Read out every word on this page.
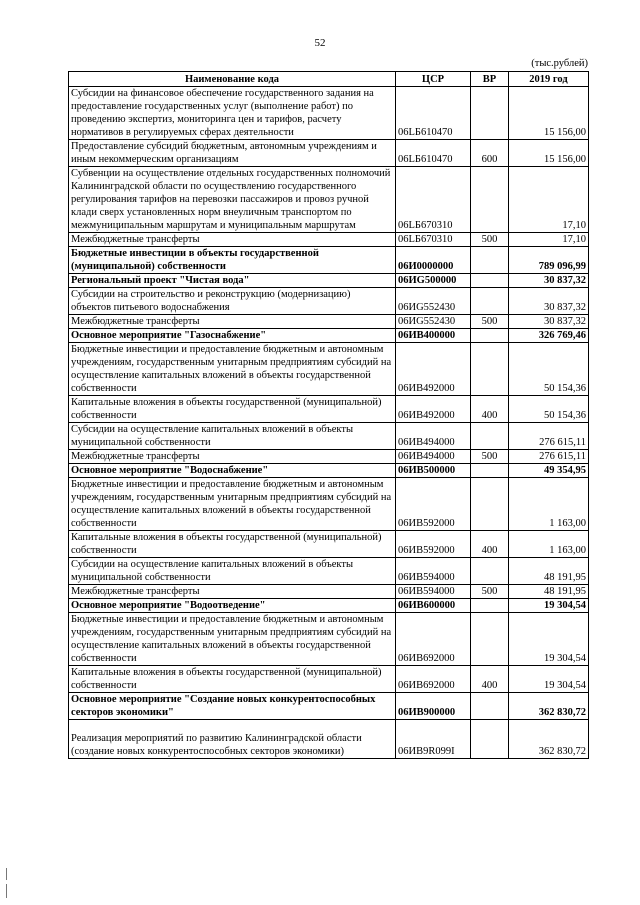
52
(тыс.рублей)
Наименование кода	ЦСР	ВР	2019 год
Субсидии на финансовое обеспечение государственного задания на предоставление государственных услуг (выполнение работ) по проведению экспертиз, мониторинга цен и тарифов, расчету нормативов в регулируемых сферах деятельности	06LБ610470		15 156,00
Предоставление субсидий бюджетным, автономным учреждениям и иным некоммерческим организациям	06LБ610470	600	15 156,00
Субвенции на осуществление отдельных государственных полномочий Калининградской области по осуществлению государственного регулирования тарифов на перевозки пассажиров и провоз ручной клади сверх установленных норм внеуличным транспортом по межмуниципальным маршрутам и муниципальным маршрутам	06LБ670310		17,10
Межбюджетные трансферты	06LБ670310	500	17,10
Бюджетные инвестиции в объекты государственной (муниципальной) собственности	06И0000000		789 096,99
Региональный проект "Чистая вода"	06ИG500000		30 837,32
Субсидии на строительство и реконструкцию (модернизацию) объектов питьевого водоснабжения	06ИG552430		30 837,32
Межбюджетные трансферты	06ИG552430	500	30 837,32
Основное мероприятие "Газоснабжение"	06ИВ400000		326 769,46
Бюджетные инвестиции и предоставление бюджетным и автономным учреждениям, государственным унитарным предприятиям субсидий на осуществление капитальных вложений в объекты государственной собственности	06ИВ492000		50 154,36
Капитальные вложения в объекты государственной (муниципальной) собственности	06ИВ492000	400	50 154,36
Субсидии на осуществление капитальных вложений в объекты муниципальной собственности	06ИВ494000		276 615,11
Межбюджетные трансферты	06ИВ494000	500	276 615,11
Основное мероприятие "Водоснабжение"	06ИВ500000		49 354,95
Бюджетные инвестиции и предоставление бюджетным и автономным учреждениям, государственным унитарным предприятиям субсидий на осуществление капитальных вложений в объекты государственной собственности	06ИВ592000		1 163,00
Капитальные вложения в объекты государственной (муниципальной) собственности	06ИВ592000	400	1 163,00
Субсидии на осуществление капитальных вложений в объекты муниципальной собственности	06ИВ594000		48 191,95
Межбюджетные трансферты	06ИВ594000	500	48 191,95
Основное мероприятие "Водоотведение"	06ИВ600000		19 304,54
Бюджетные инвестиции и предоставление бюджетным и автономным учреждениям, государственным унитарным предприятиям субсидий на осуществление капитальных вложений в объекты государственной собственности	06ИВ692000		19 304,54
Капитальные вложения в объекты государственной (муниципальной) собственности	06ИВ692000	400	19 304,54
Основное мероприятие "Создание новых конкурентоспособных секторов экономики"	06ИВ900000		362 830,72
Реализация мероприятий по развитию Калининградской области (создание новых конкурентоспособных секторов экономики)	06ИВ9R099I		362 830,72
